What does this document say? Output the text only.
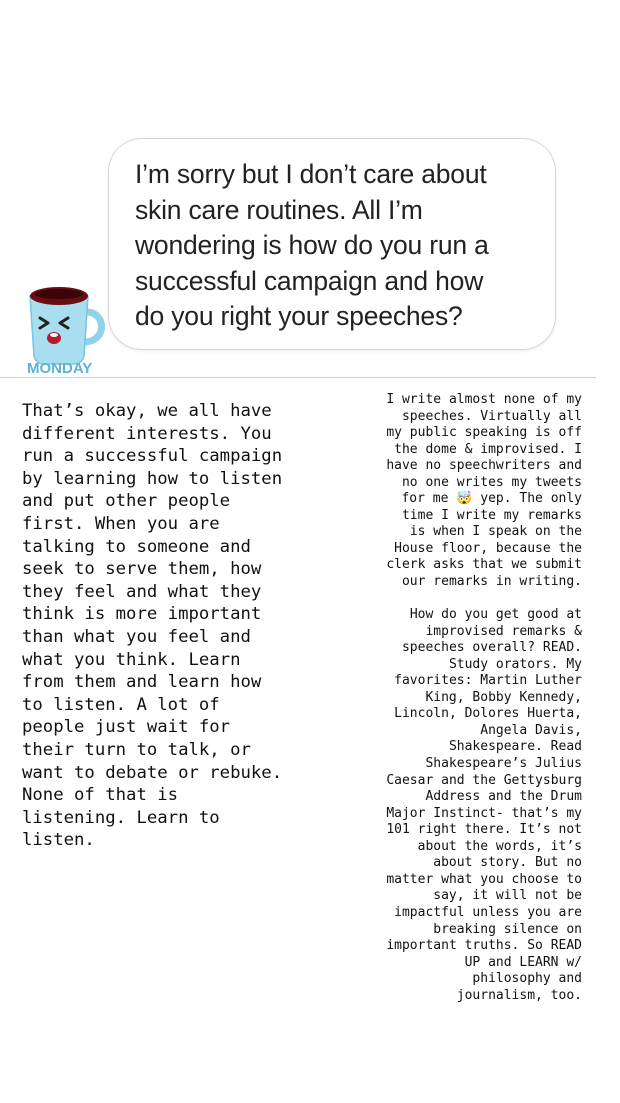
I’m sorry but I don’t care about
skin care routines. All I’m
wondering is how do you run a
successful campaign and how
do you right your speeches?

MONDAY

That’s okay, we all have
different interests. You
run a successful campaign
by learning how to listen
and put other people
first. When you are
talking to someone and
seek to serve them, how
they feel and what they
think is more important
than what you feel and
what you think. Learn
from them and learn how
to listen. A lot of
people just wait for
their turn to talk, or
want to debate or rebuke.
None of that is
listening. Learn to
listen.

I write almost none of my
speeches. Virtually all
my public speaking is off
the dome & improvised. I
have no speechwriters and
no one writes my tweets
for me 🤯 yep. The only
time I write my remarks
is when I speak on the
House floor, because the
clerk asks that we submit
our remarks in writing.

How do you get good at
improvised remarks &
speeches overall? READ.
Study orators. My
favorites: Martin Luther
King, Bobby Kennedy,
Lincoln, Dolores Huerta,
Angela Davis,
Shakespeare. Read
Shakespeare’s Julius
Caesar and the Gettysburg
Address and the Drum
Major Instinct- that’s my
101 right there. It’s not
about the words, it’s
about story. But no
matter what you choose to
say, it will not be
impactful unless you are
breaking silence on
important truths. So READ
UP and LEARN w/
philosophy and
journalism, too.
